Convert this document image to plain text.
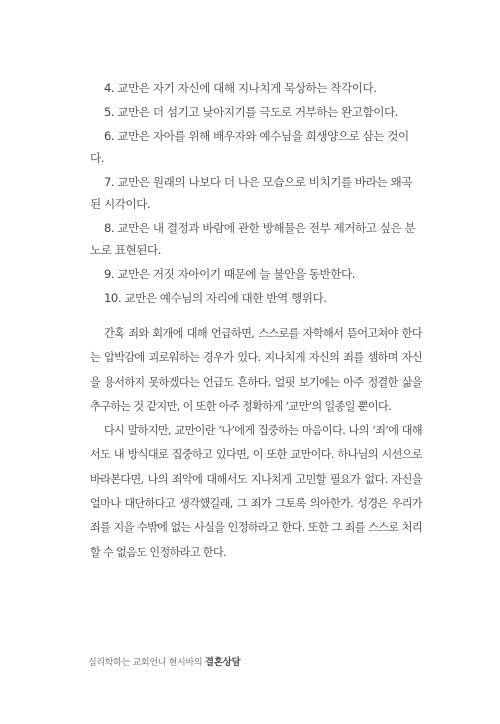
4. 교만은 자기 자신에 대해 지나치게 묵상하는 착각이다.

5. 교만은 더 섬기고 낮아지기를 극도로 거부하는 완고함이다.

6. 교만은 자아를 위해 배우자와 예수님을 희생양으로 삼는 것이다.

7. 교만은 원래의 나보다 더 나은 모습으로 비치기를 바라는 왜곡된 시각이다.

8. 교만은 내 결정과 바람에 관한 방해물은 전부 제거하고 싶은 분노로 표현된다.

9. 교만은 거짓 자아이기 때문에 늘 불안을 동반한다.

10. 교만은 예수님의 자리에 대한 반역 행위다.

간혹 죄와 회개에 대해 언급하면, 스스로를 자학해서 뜯어고쳐야 한다는 압박감에 괴로워하는 경우가 있다. 지나치게 자신의 죄를 셈하며 자신을 용서하지 못하겠다는 언급도 흔하다. 얼핏 보기에는 아주 정결한 삶을 추구하는 것 같지만, 이 또한 아주 정확하게 ‘교만’의 일종일 뿐이다.

다시 말하지만, 교만이란 ‘나’에게 집중하는 마음이다. 나의 ‘죄’에 대해서도 내 방식대로 집중하고 있다면, 이 또한 교만이다. 하나님의 시선으로 바라본다면, 나의 죄악에 대해서도 지나치게 고민할 필요가 없다. 자신을 얼마나 대단하다고 생각했길래, 그 죄가 그토록 의아한가. 성경은 우리가 죄를 지을 수밖에 없는 사실을 인정하라고 한다. 또한 그 죄를 스스로 처리할 수 없음도 인정하라고 한다.

심리학하는 교회언니 현시바의 결혼상담
